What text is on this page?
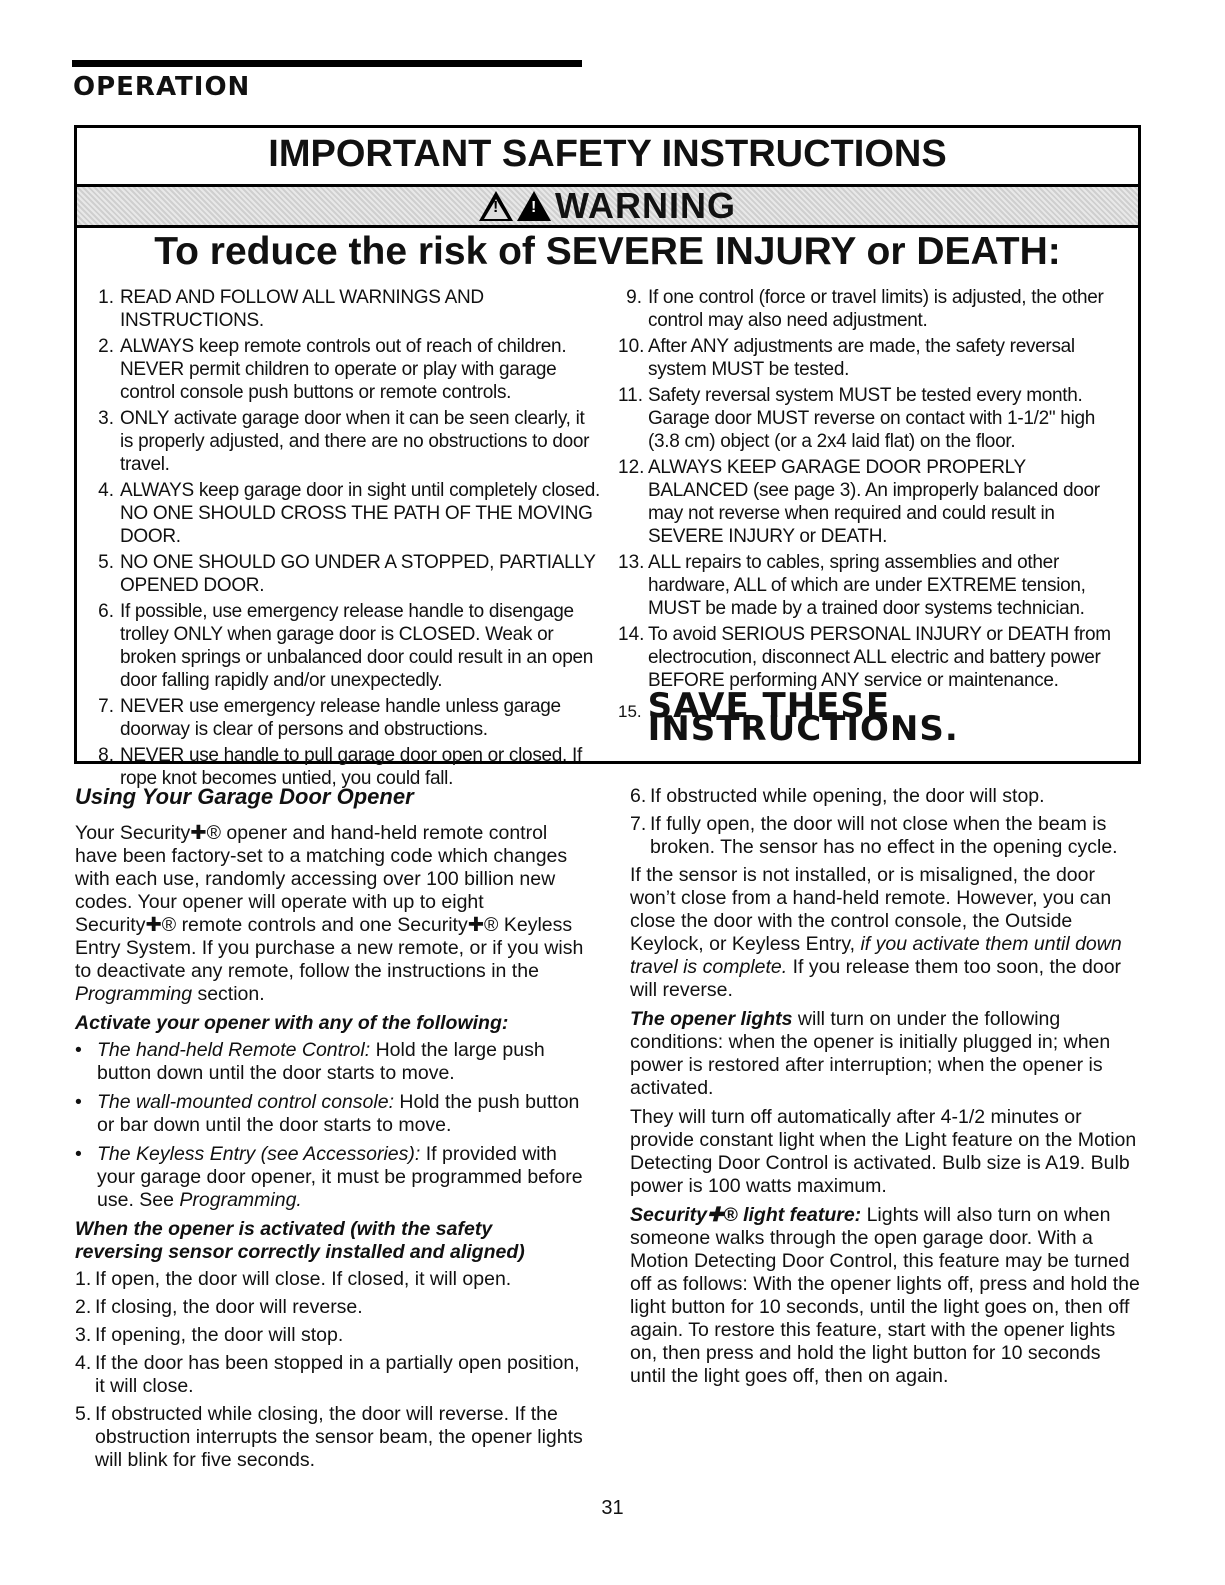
OPERATION
IMPORTANT SAFETY INSTRUCTIONS
! ! WARNING
To reduce the risk of SEVERE INJURY or DEATH:
1. READ AND FOLLOW ALL WARNINGS AND INSTRUCTIONS.
2. ALWAYS keep remote controls out of reach of children. NEVER permit children to operate or play with garage control console push buttons or remote controls.
3. ONLY activate garage door when it can be seen clearly, it is properly adjusted, and there are no obstructions to door travel.
4. ALWAYS keep garage door in sight until completely closed. NO ONE SHOULD CROSS THE PATH OF THE MOVING DOOR.
5. NO ONE SHOULD GO UNDER A STOPPED, PARTIALLY OPENED DOOR.
6. If possible, use emergency release handle to disengage trolley ONLY when garage door is CLOSED. Weak or broken springs or unbalanced door could result in an open door falling rapidly and/or unexpectedly.
7. NEVER use emergency release handle unless garage doorway is clear of persons and obstructions.
8. NEVER use handle to pull garage door open or closed. If rope knot becomes untied, you could fall.
9. If one control (force or travel limits) is adjusted, the other control may also need adjustment.
10. After ANY adjustments are made, the safety reversal system MUST be tested.
11. Safety reversal system MUST be tested every month. Garage door MUST reverse on contact with 1-1/2" high (3.8 cm) object (or a 2x4 laid flat) on the floor.
12. ALWAYS KEEP GARAGE DOOR PROPERLY BALANCED (see page 3). An improperly balanced door may not reverse when required and could result in SEVERE INJURY or DEATH.
13. ALL repairs to cables, spring assemblies and other hardware, ALL of which are under EXTREME tension, MUST be made by a trained door systems technician.
14. To avoid SERIOUS PERSONAL INJURY or DEATH from electrocution, disconnect ALL electric and battery power BEFORE performing ANY service or maintenance.
15. SAVE THESE INSTRUCTIONS.
Using Your Garage Door Opener
Your Security✚® opener and hand-held remote control have been factory-set to a matching code which changes with each use, randomly accessing over 100 billion new codes. Your opener will operate with up to eight Security✚® remote controls and one Security✚® Keyless Entry System. If you purchase a new remote, or if you wish to deactivate any remote, follow the instructions in the Programming section.
Activate your opener with any of the following:
• The hand-held Remote Control: Hold the large push button down until the door starts to move.
• The wall-mounted control console: Hold the push button or bar down until the door starts to move.
• The Keyless Entry (see Accessories): If provided with your garage door opener, it must be programmed before use. See Programming.
When the opener is activated (with the safety reversing sensor correctly installed and aligned)
1. If open, the door will close. If closed, it will open.
2. If closing, the door will reverse.
3. If opening, the door will stop.
4. If the door has been stopped in a partially open position, it will close.
5. If obstructed while closing, the door will reverse. If the obstruction interrupts the sensor beam, the opener lights will blink for five seconds.
6. If obstructed while opening, the door will stop.
7. If fully open, the door will not close when the beam is broken. The sensor has no effect in the opening cycle.
If the sensor is not installed, or is misaligned, the door won’t close from a hand-held remote. However, you can close the door with the control console, the Outside Keylock, or Keyless Entry, if you activate them until down travel is complete. If you release them too soon, the door will reverse.
The opener lights will turn on under the following conditions: when the opener is initially plugged in; when power is restored after interruption; when the opener is activated.
They will turn off automatically after 4-1/2 minutes or provide constant light when the Light feature on the Motion Detecting Door Control is activated. Bulb size is A19. Bulb power is 100 watts maximum.
Security✚® light feature: Lights will also turn on when someone walks through the open garage door. With a Motion Detecting Door Control, this feature may be turned off as follows: With the opener lights off, press and hold the light button for 10 seconds, until the light goes on, then off again. To restore this feature, start with the opener lights on, then press and hold the light button for 10 seconds until the light goes off, then on again.
31
